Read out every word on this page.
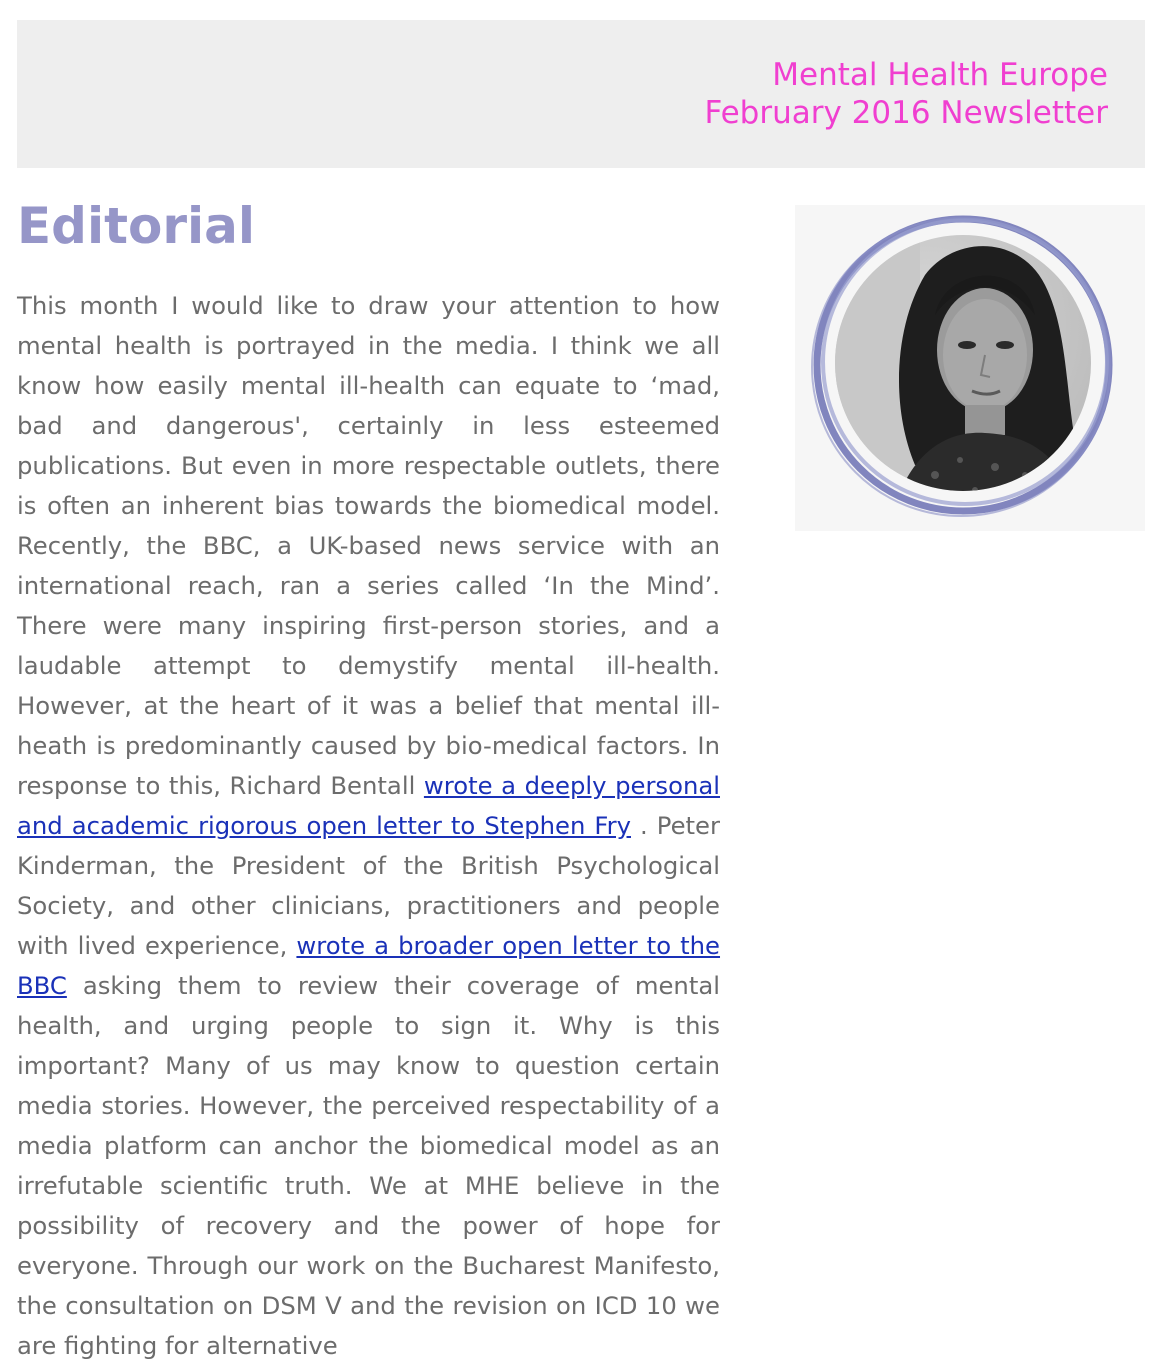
Mental Health Europe
February 2016 Newsletter
Editorial
This month I would like to draw your attention to how mental health is portrayed in the media. I think we all know how easily mental ill-health can equate to ‘mad, bad and dangerous', certainly in less esteemed publications. But even in more respectable outlets, there is often an inherent bias towards the biomedical model. Recently, the BBC, a UK-based news service with an international reach, ran a series called ‘In the Mind’. There were many inspiring first-person stories, and a laudable attempt to demystify mental ill-health. However, at the heart of it was a belief that mental ill-heath is predominantly caused by bio-medical factors. In response to this, Richard Bentall wrote a deeply personal and academic rigorous open letter to Stephen Fry . Peter Kinderman, the President of the British Psychological Society, and other clinicians, practitioners and people with lived experience, wrote a broader open letter to the BBC asking them to review their coverage of mental health, and urging people to sign it. Why is this important? Many of us may know to question certain media stories. However, the perceived respectability of a media platform can anchor the biomedical model as an irrefutable scientific truth. We at MHE believe in the possibility of recovery and the power of hope for everyone. Through our work on the Bucharest Manifesto, the consultation on DSM V and the revision on ICD 10 we are fighting for alternative
